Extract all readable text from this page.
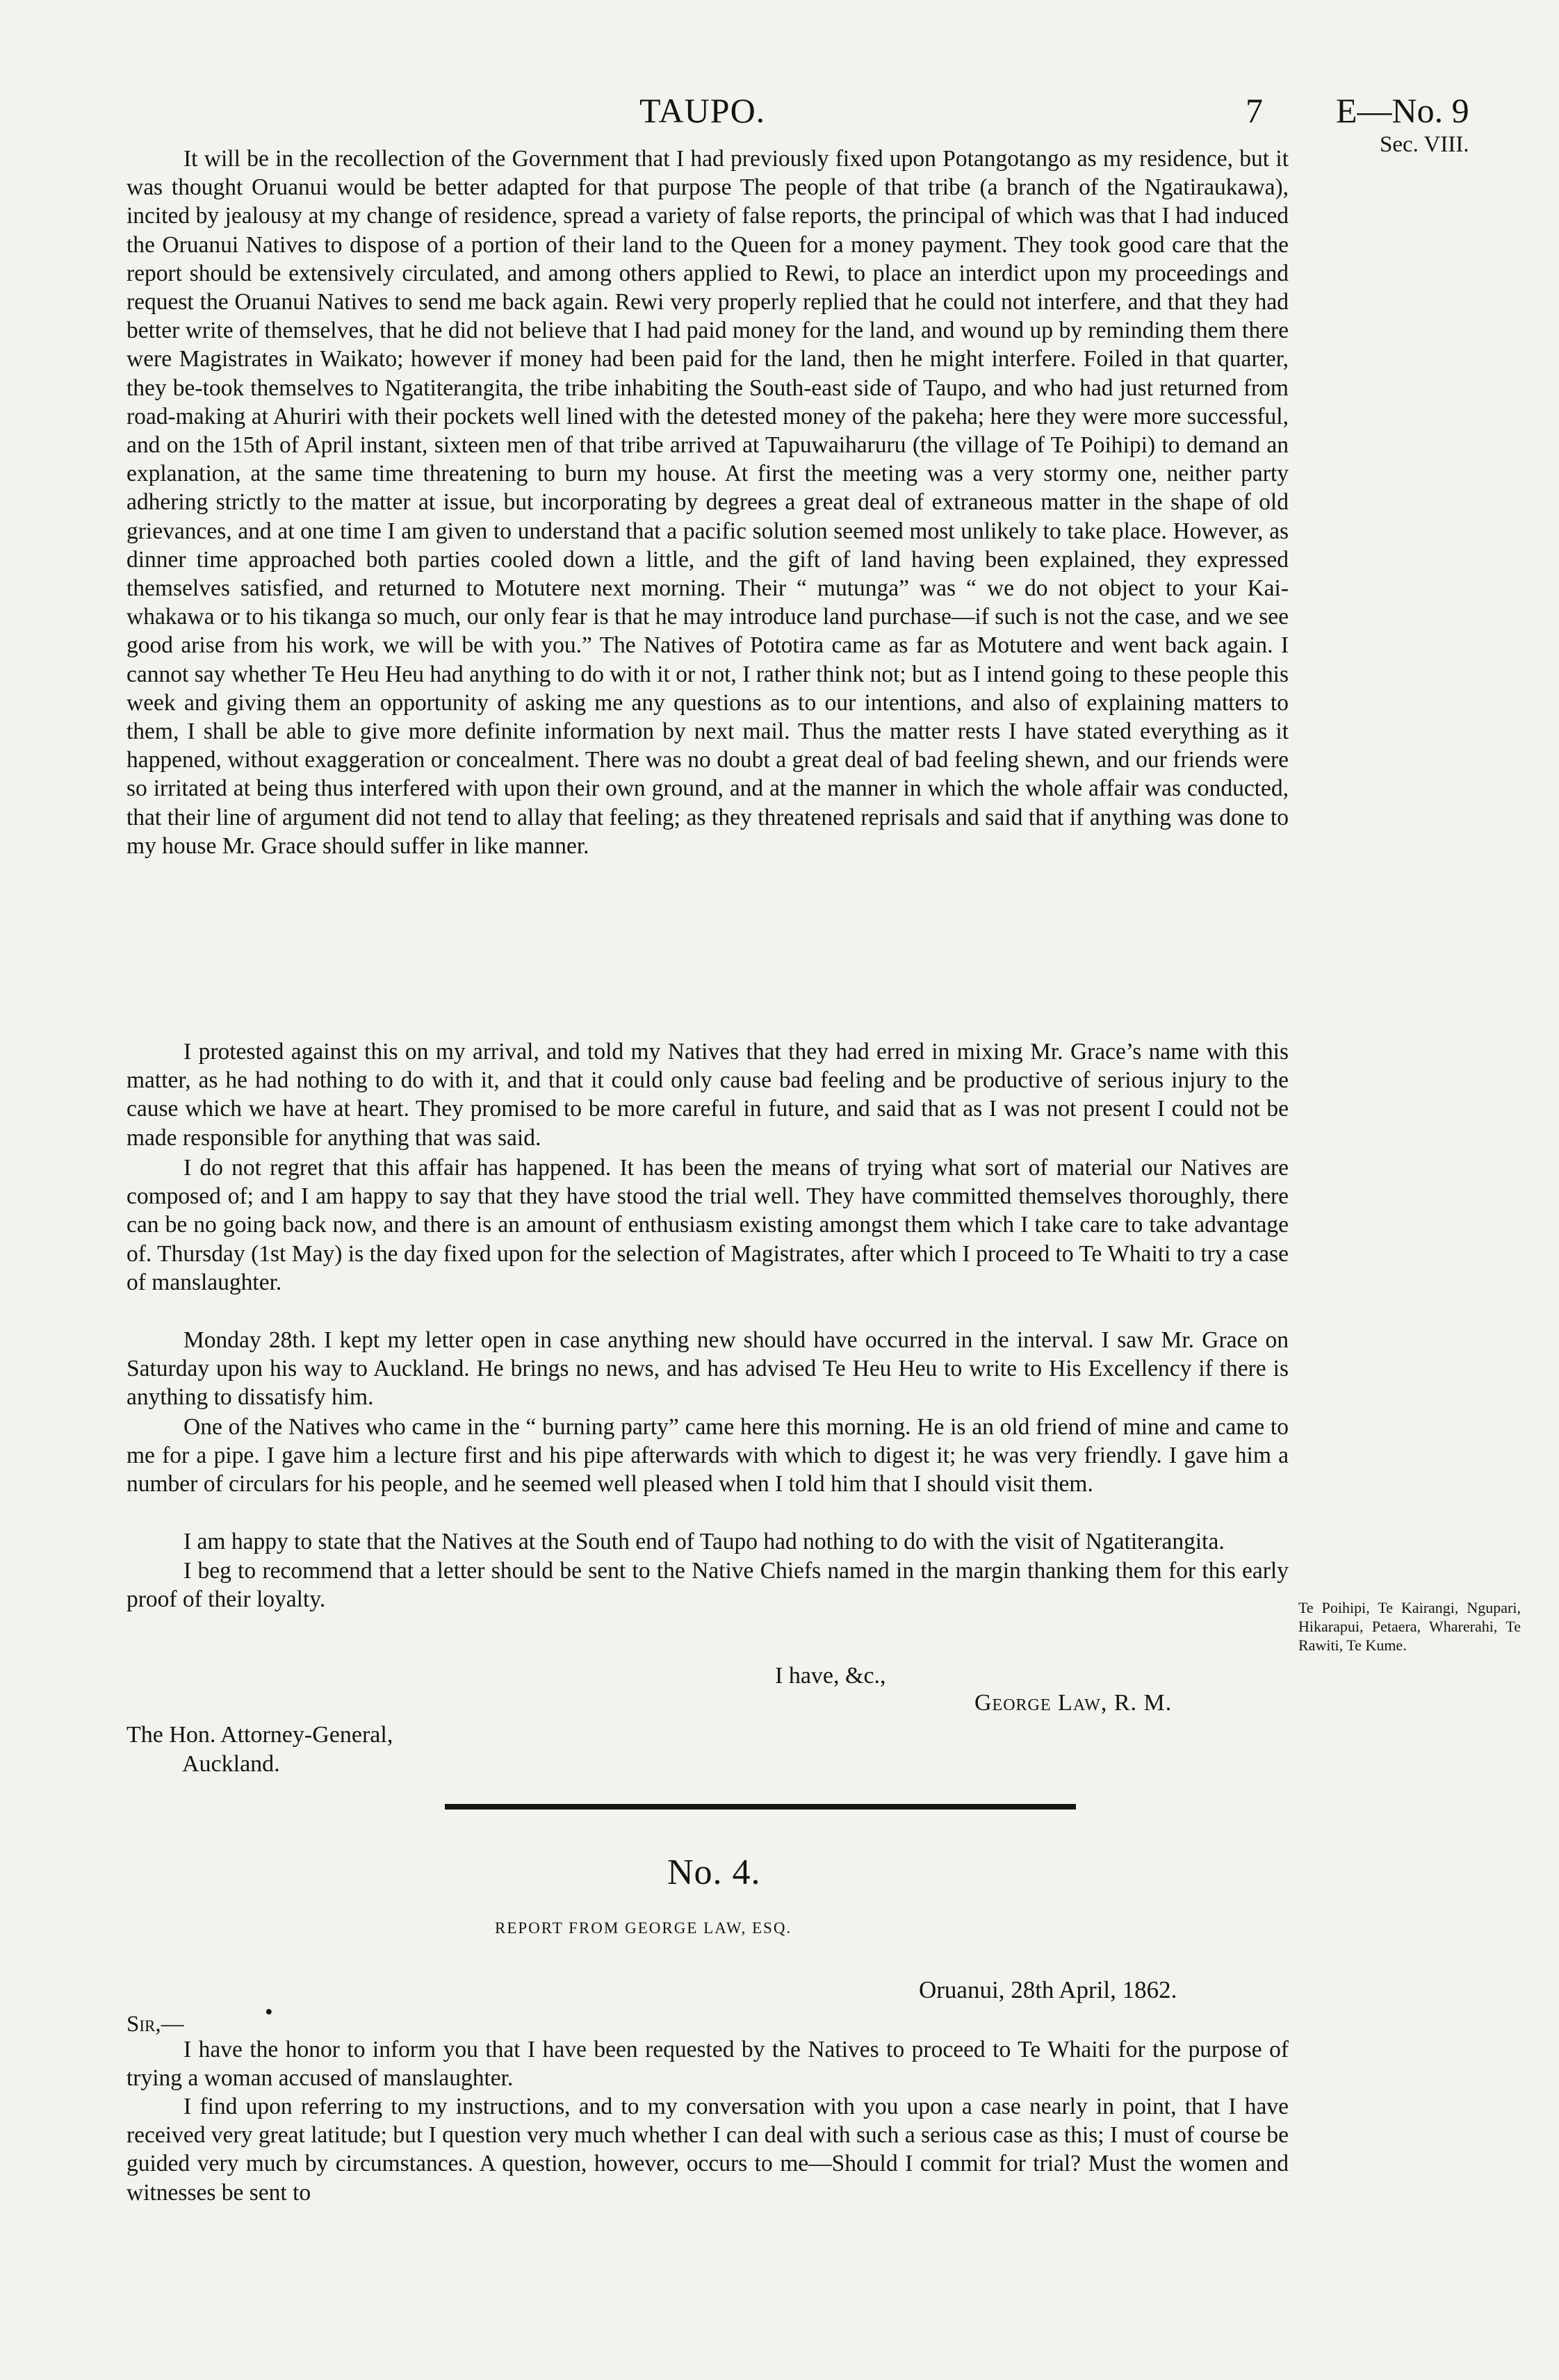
TAUPO.	7 E—No. 9
Sec. VIII.

It will be in the recollection of the Government that I had previously fixed upon Potangotango as my residence, but it was thought Oruanui would be better adapted for that purpose The people of that tribe (a branch of the Ngatiraukawa), incited by jealousy at my change of residence, spread a variety of false reports, the principal of which was that I had induced the Oruanui Natives to dispose of a portion of their land to the Queen for a money payment. They took good care that the report should be extensively circulated, and among others applied to Rewi, to place an interdict upon my proceedings and request the Oruanui Natives to send me back again. Rewi very properly replied that he could not interfere, and that they had better write of themselves, that he did not believe that I had paid money for the land, and wound up by reminding them there were Magistrates in Waikato; however if money had been paid for the land, then he might interfere. Foiled in that quarter, they be-took themselves to Ngatiterangita, the tribe inhabiting the South-east side of Taupo, and who had just returned from road-making at Ahuriri with their pockets well lined with the detested money of the pakeha; here they were more successful, and on the 15th of April instant, sixteen men of that tribe arrived at Tapuwaiharuru (the village of Te Poihipi) to demand an explanation, at the same time threatening to burn my house. At first the meeting was a very stormy one, neither party adhering strictly to the matter at issue, but incorporating by degrees a great deal of extraneous matter in the shape of old grievances, and at one time I am given to understand that a pacific solution seemed most unlikely to take place. However, as dinner time approached both parties cooled down a little, and the gift of land having been explained, they expressed themselves satisfied, and returned to Motutere next morning. Their “ mutunga” was “ we do not object to your Kai-whakawa or to his tikanga so much, our only fear is that he may introduce land purchase—if such is not the case, and we see good arise from his work, we will be with you.” The Natives of Pototira came as far as Motutere and went back again. I cannot say whether Te Heu Heu had anything to do with it or not, I rather think not; but as I intend going to these people this week and giving them an opportunity of asking me any questions as to our intentions, and also of explaining matters to them, I shall be able to give more definite information by next mail. Thus the matter rests I have stated everything as it happened, without exaggeration or concealment. There was no doubt a great deal of bad feeling shewn, and our friends were so irritated at being thus interfered with upon their own ground, and at the manner in which the whole affair was conducted, that their line of argument did not tend to allay that feeling; as they threatened reprisals and said that if anything was done to my house Mr. Grace should suffer in like manner.

I protested against this on my arrival, and told my Natives that they had erred in mixing Mr. Grace’s name with this matter, as he had nothing to do with it, and that it could only cause bad feeling and be productive of serious injury to the cause which we have at heart. They promised to be more careful in future, and said that as I was not present I could not be made responsible for anything that was said.

I do not regret that this affair has happened. It has been the means of trying what sort of material our Natives are composed of; and I am happy to say that they have stood the trial well. They have committed themselves thoroughly, there can be no going back now, and there is an amount of enthusiasm existing amongst them which I take care to take advantage of. Thursday (1st May) is the day fixed upon for the selection of Magistrates, after which I proceed to Te Whaiti to try a case of manslaughter.

Monday 28th. I kept my letter open in case anything new should have occurred in the interval. I saw Mr. Grace on Saturday upon his way to Auckland. He brings no news, and has advised Te Heu Heu to write to His Excellency if there is anything to dissatisfy him.

One of the Natives who came in the “ burning party” came here this morning. He is an old friend of mine and came to me for a pipe. I gave him a lecture first and his pipe afterwards with which to digest it; he was very friendly. I gave him a number of circulars for his people, and he seemed well pleased when I told him that I should visit them.

I am happy to state that the Natives at the South end of Taupo had nothing to do with the visit of Ngatiterangita.

I beg to recommend that a letter should be sent to the Native Chiefs named in the margin thanking them for this early proof of their loyalty.	Te Poihipi, Te Kairangi, Ngupari, Hikarapui, Petaera, Wharerahi, Te Rawiti, Te Kume.
I have, &c.,
George Law, R. M.
The Hon. Attorney-General,
Auckland.
No. 4.
REPORT FROM GEORGE LAW, ESQ.
Oruanui, 28th April, 1862.
Sir,—	•

I have the honor to inform you that I have been requested by the Natives to proceed to Te Whaiti for the purpose of trying a woman accused of manslaughter.

I find upon referring to my instructions, and to my conversation with you upon a case nearly in point, that I have received very great latitude; but I question very much whether I can deal with such a serious case as this; I must of course be guided very much by circumstances. A question, however, occurs to me—Should I commit for trial? Must the women and witnesses be sent to
